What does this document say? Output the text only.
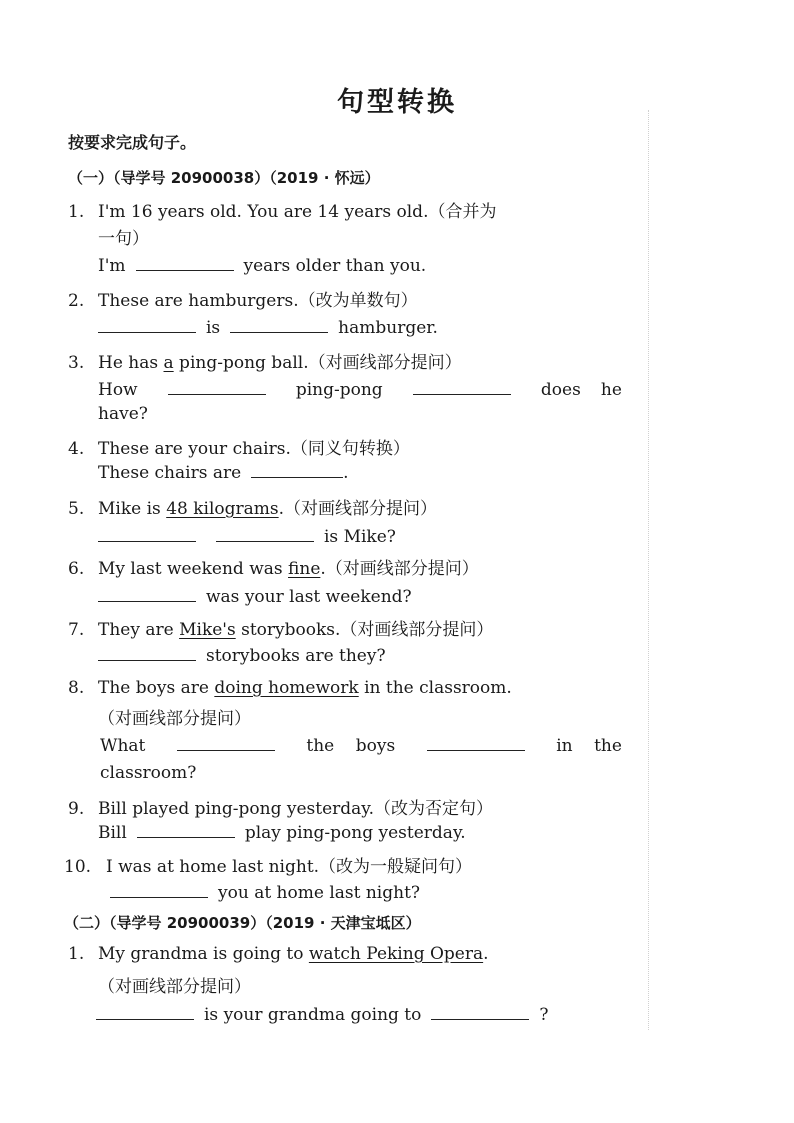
句型转换
按要求完成句子。
（一）（导学号 20900038）（2019 · 怀远）
1. I'm 16 years old. You are 14 years old.（合并为
一句）
I'm	years older than you.
2. These are hamburgers.（改为单数句）
is	hamburger.
3. He has a ping-pong ball.（对画线部分提问）
How	ping-pong	does he
have?
4. These are your chairs.（同义句转换）
These chairs are	.
5. Mike is 48 kilograms.（对画线部分提问）
is Mike?
6. My last weekend was fine.（对画线部分提问）
was your last weekend?
7. They are Mike's storybooks.（对画线部分提问）
storybooks are they?
8. The boys are doing homework in the classroom.
（对画线部分提问）
What	the boys	in the
classroom?
9. Bill played ping-pong yesterday.（改为否定句）
Bill	play ping-pong yesterday.
10. I was at home last night.（改为一般疑问句）
you at home last night?
（二）（导学号 20900039）（2019 · 天津宝坻区）
1. My grandma is going to watch Peking Opera.
（对画线部分提问）
is your grandma going to	?
